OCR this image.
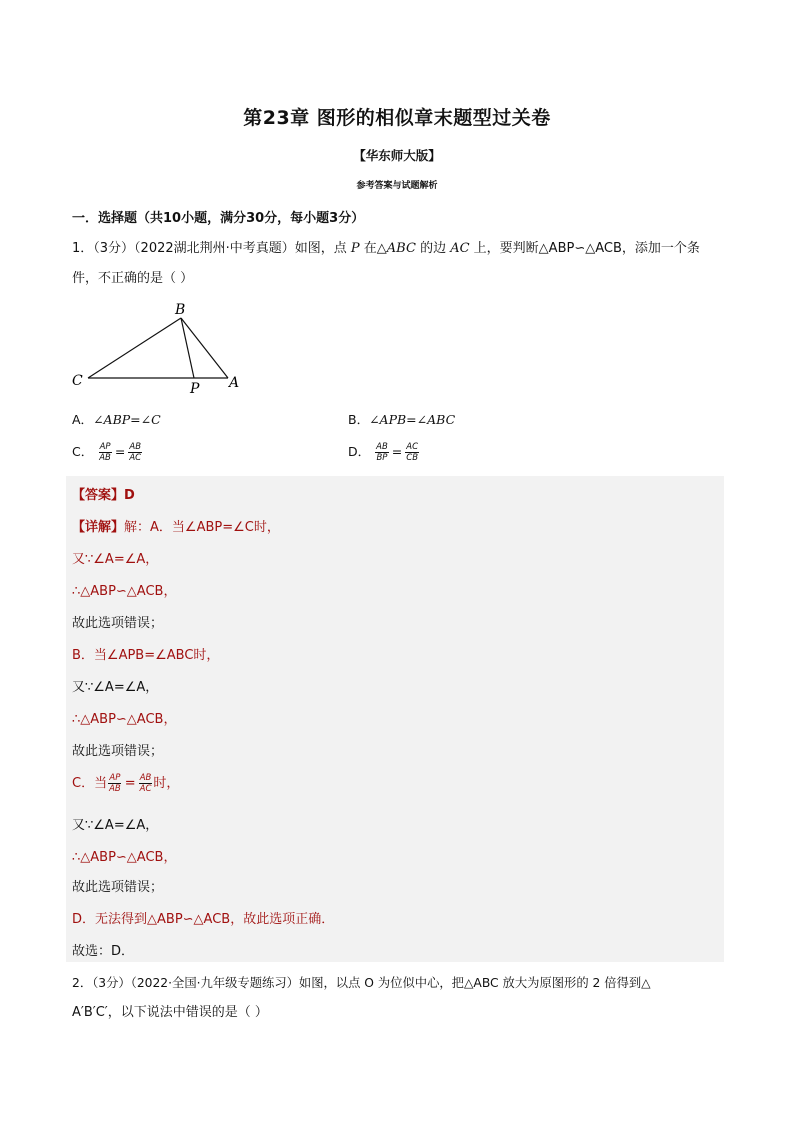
第23章 图形的相似章末题型过关卷
【华东师大版】
参考答案与试题解析
一．选择题（共10小题，满分30分，每小题3分）
1．（3分）（2022湖北荆州·中考真题）如图，点 P 在△ABC 的边 AC 上，要判断△ABP∽△ACB，添加一个条
件，不正确的是（ ）
B
C	P A
A．∠ABP=∠C	B．∠APB=∠ABC
C． $\frac{AP}{AB} = \frac{AB}{AC}$	D． $\frac{AB}{BP} = \frac{AC}{CB}$
【答案】D
【详解】解：A．当∠ABP=∠C时，
又∵∠A=∠A，
∴△ABP∽△ACB，
故此选项错误；
B．当∠APB=∠ABC时，
又∵∠A=∠A，
∴△ABP∽△ACB，
故此选项错误；
C．当 $\frac{AP}{AB} = \frac{AB}{AC}$ 时，
又∵∠A=∠A，
∴△ABP∽△ACB，
故此选项错误；
D．无法得到△ABP∽△ACB，故此选项正确．
故选：D．
2．（3分）（2022·全国·九年级专题练习）如图，以点 O 为位似中心，把△ABC 放大为原图形的 2 倍得到△
A′B′C′，以下说法中错误的是（ ）
